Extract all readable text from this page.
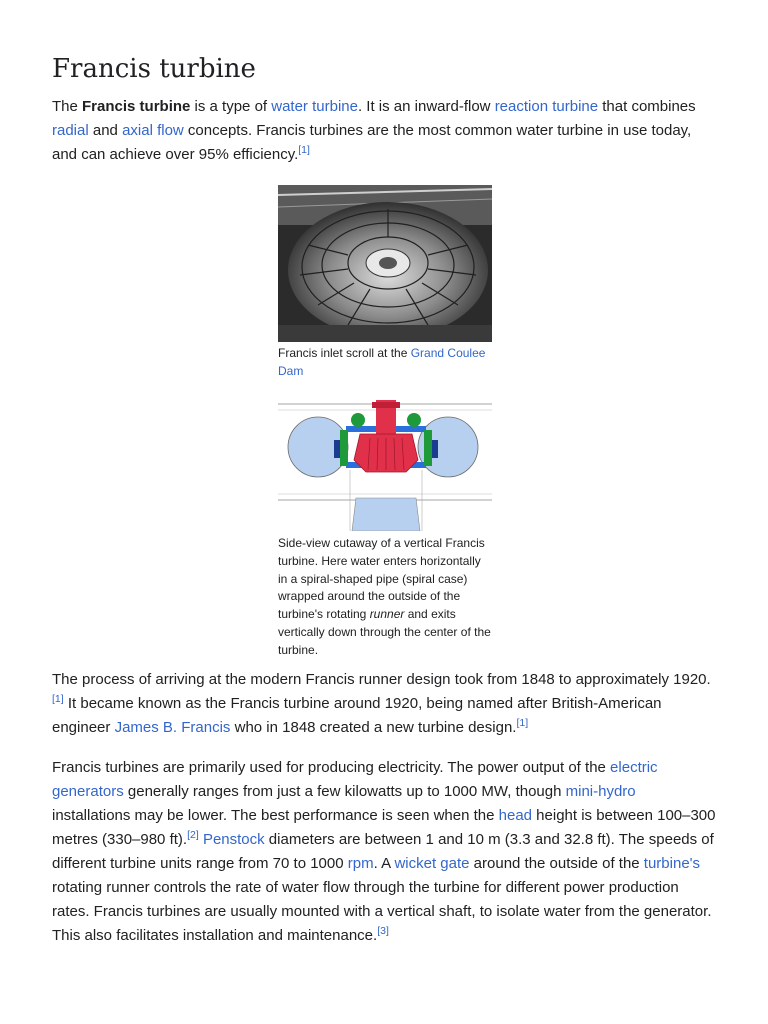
Francis turbine

The Francis turbine is a type of water turbine. It is an inward-flow reaction turbine that combines radial and axial flow concepts. Francis turbines are the most common water turbine in use today, and can achieve over 95% efficiency.[1]

Francis inlet scroll at the Grand Coulee Dam
Side-view cutaway of a vertical Francis turbine. Here water enters horizontally in a spiral-shaped pipe (spiral case) wrapped around the outside of the turbine's rotating runner and exits vertically down through the center of the turbine.

The process of arriving at the modern Francis runner design took from 1848 to approximately 1920.[1] It became known as the Francis turbine around 1920, being named after British-American engineer James B. Francis who in 1848 created a new turbine design.[1]

Francis turbines are primarily used for producing electricity. The power output of the electric generators generally ranges from just a few kilowatts up to 1000 MW, though mini-hydro installations may be lower. The best performance is seen when the head height is between 100–300 metres (330–980 ft).[2] Penstock diameters are between 1 and 10 m (3.3 and 32.8 ft). The speeds of different turbine units range from 70 to 1000 rpm. A wicket gate around the outside of the turbine's rotating runner controls the rate of water flow through the turbine for different power production rates. Francis turbines are usually mounted with a vertical shaft, to isolate water from the generator. This also facilitates installation and maintenance.[3]
